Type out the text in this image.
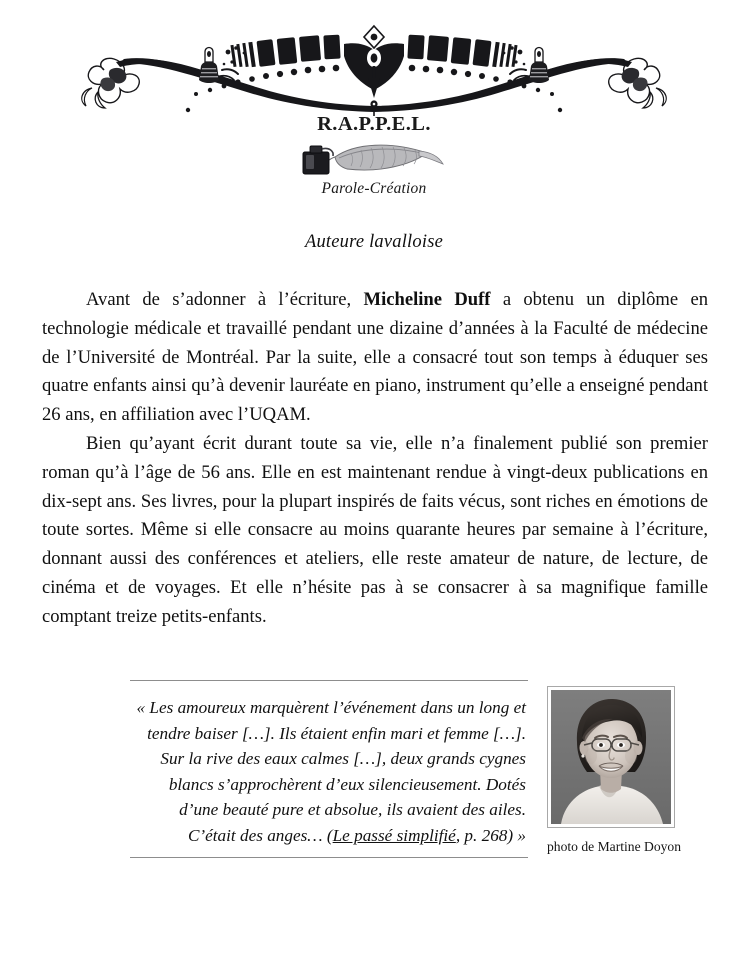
R.A.P.P.E.L.
Parole-Création
Auteure lavalloise

Avant de s’adonner à l’écriture, Micheline Duff a obtenu un diplôme en technologie médicale et travaillé pendant une dizaine d’années à la Faculté de médecine de l’Université de Montréal. Par la suite, elle a consacré tout son temps à éduquer ses quatre enfants ainsi qu’à devenir lauréate en piano, instrument qu’elle a enseigné pendant 26 ans, en affiliation avec l’UQAM.

Bien qu’ayant écrit durant toute sa vie, elle n’a finalement publié son premier roman qu’à l’âge de 56 ans. Elle en est maintenant rendue à vingt-deux publications en dix-sept ans. Ses livres, pour la plupart inspirés de faits vécus, sont riches en émotions de toute sortes. Même si elle consacre au moins quarante heures par semaine à l’écriture, donnant aussi des conférences et ateliers, elle reste amateur de nature, de lecture, de cinéma et de voyages. Et elle n’hésite pas à se consacrer à sa magnifique famille comptant treize petits-enfants.

« Les amoureux marquèrent l’événement dans un long et tendre baiser […]. Ils étaient enfin mari et femme […]. Sur la rive des eaux calmes […], deux grands cygnes blancs s’approchèrent d’eux silencieusement. Dotés d’une beauté pure et absolue, ils avaient des ailes. C’était des anges… (Le passé simplifié, p. 268) »
photo de Martine Doyon
